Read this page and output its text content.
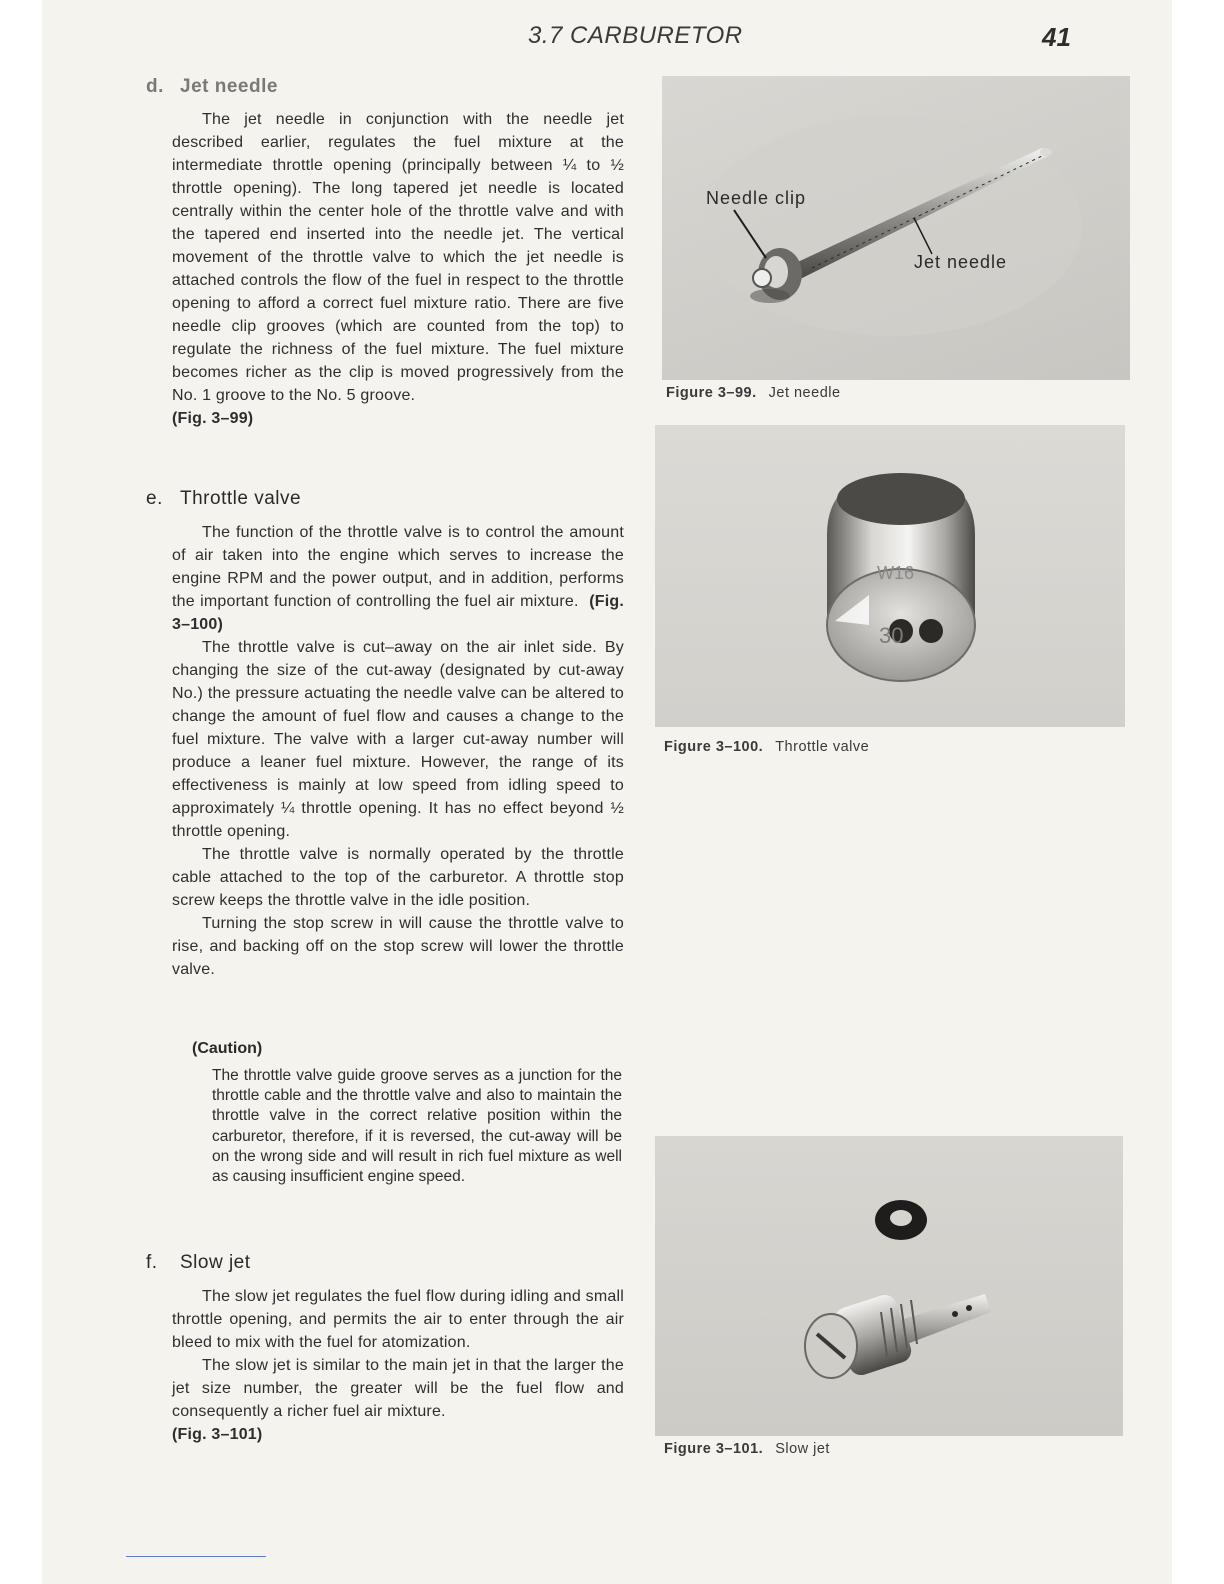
3.7 CARBURETOR	41
d. Jet needle

The jet needle in conjunction with the needle jet described earlier, regulates the fuel mixture at the intermediate throttle opening (principally between ¼ to ½ throttle opening). The long tapered jet needle is located centrally within the center hole of the throttle valve and with the tapered end inserted into the needle jet. The vertical movement of the throttle valve to which the jet needle is attached controls the flow of the fuel in respect to the throttle opening to afford a correct fuel mixture ratio. There are five needle clip grooves (which are counted from the top) to regulate the richness of the fuel mixture. The fuel mixture becomes richer as the clip is moved progressively from the No. 1 groove to the No. 5 groove.

(Fig. 3–99)

e. Throttle valve

The function of the throttle valve is to control the amount of air taken into the engine which serves to increase the engine RPM and the power output, and in addition, performs the important function of controlling the fuel air mixture. (Fig. 3–100)

The throttle valve is cut–away on the air inlet side. By changing the size of the cut-away (designated by cut-away No.) the pressure actuating the needle valve can be altered to change the amount of fuel flow and causes a change to the fuel mixture. The valve with a larger cut-away number will produce a leaner fuel mixture. However, the range of its effectiveness is mainly at low speed from idling speed to approximately ¼ throttle opening. It has no effect beyond ½ throttle opening.

The throttle valve is normally operated by the throttle cable attached to the top of the carburetor. A throttle stop screw keeps the throttle valve in the idle position.

Turning the stop screw in will cause the throttle valve to rise, and backing off on the stop screw will lower the throttle valve.

(Caution)
The throttle valve guide groove serves as a junction for the throttle cable and the throttle valve and also to maintain the throttle valve in the correct relative position within the carburetor, therefore, if it is reversed, the cut-away will be on the wrong side and will result in rich fuel mixture as well as causing insufficient engine speed.
f. Slow jet

The slow jet regulates the fuel flow during idling and small throttle opening, and permits the air to enter through the air bleed to mix with the fuel for atomization.

The slow jet is similar to the main jet in that the larger the jet size number, the greater will be the fuel flow and consequently a richer fuel air mixture.

(Fig. 3–101)

Needle clip
Jet needle
Figure 3–99. Jet needle
W16
30
Figure 3–100. Throttle valve
Figure 3–101. Slow jet
